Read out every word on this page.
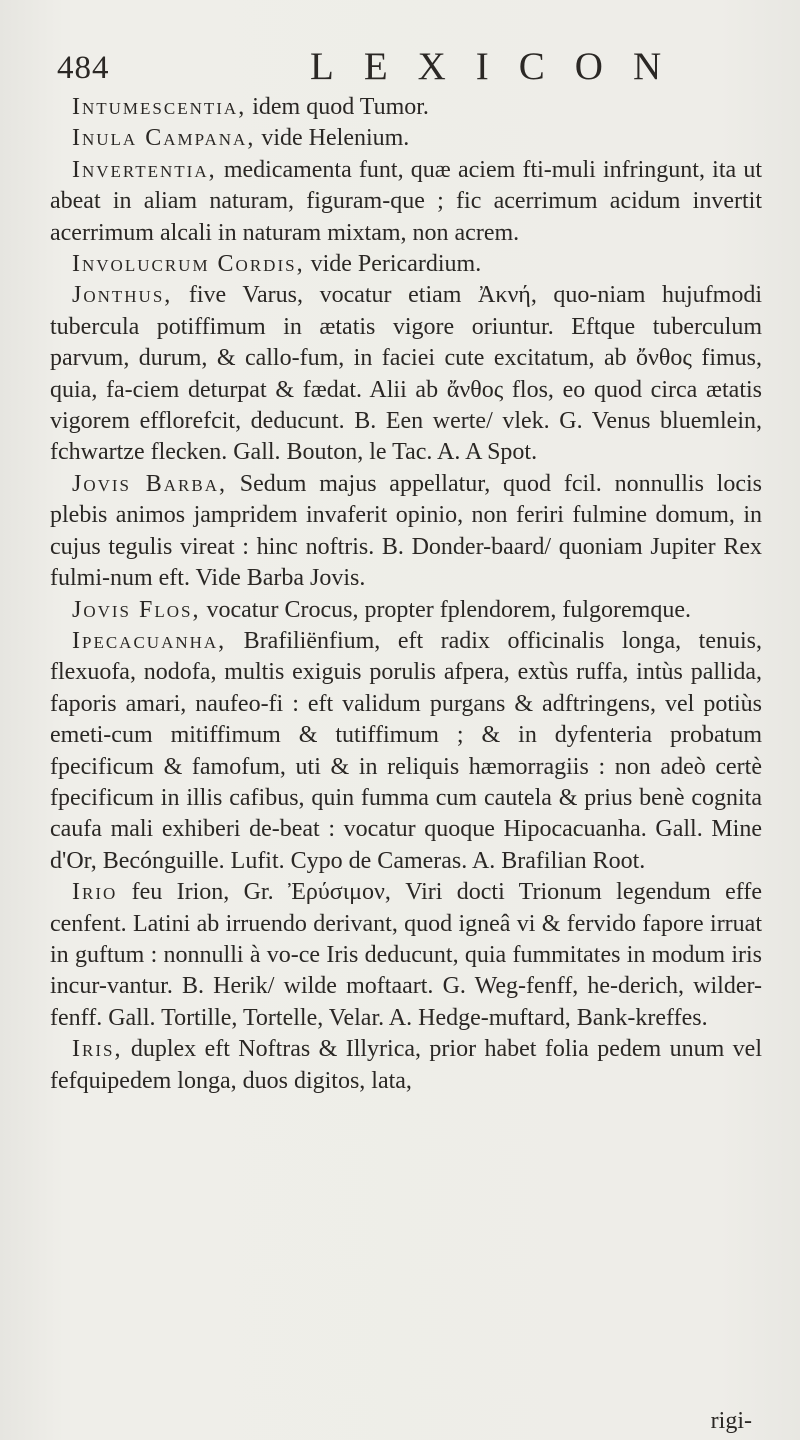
484	LEXICON

Intumescentia, idem quod Tumor.

Inula Campana, vide Helenium.

Invertentia, medicamenta funt, quæ aciem fti-muli infringunt, ita ut abeat in aliam naturam, figuram-que ; fic acerrimum acidum invertit acerrimum alcali in naturam mixtam, non acrem.

Involucrum Cordis, vide Pericardium.

Jonthus, five Varus, vocatur etiam Ἀκνή, quo-niam hujufmodi tubercula potiffimum in ætatis vigore oriuntur. Eftque tuberculum parvum, durum, & callo-fum, in faciei cute excitatum, ab ὄνθος fimus, quia, fa-ciem deturpat & fædat. Alii ab ἄνθος flos, eo quod circa ætatis vigorem efflorefcit, deducunt. B. Een werte/ vlek. G. Venus bluemlein, fchwartze flecken. Gall. Bouton, le Tac. A. A Spot.

Jovis Barba, Sedum majus appellatur, quod fcil. nonnullis locis plebis animos jampridem invaferit opinio, non feriri fulmine domum, in cujus tegulis vireat : hinc noftris. B. Donder-baard/ quoniam Jupiter Rex fulmi-num eft. Vide Barba Jovis.

Jovis Flos, vocatur Crocus, propter fplendorem, fulgoremque.

Ipecacuanha, Brafiliënfium, eft radix officinalis longa, tenuis, flexuofa, nodofa, multis exiguis porulis afpera, extùs ruffa, intùs pallida, faporis amari, naufeo-fi : eft validum purgans & adftringens, vel potiùs emeti-cum mitiffimum & tutiffimum ; & in dyfenteria probatum fpecificum & famofum, uti & in reliquis hæmorragiis : non adeò certè fpecificum in illis cafibus, quin fumma cum cautela & prius benè cognita caufa mali exhiberi de-beat : vocatur quoque Hipocacuanha. Gall. Mine d'Or, Becónguille. Lufit. Cypo de Cameras. A. Brafilian Root.

Irio feu Irion, Gr. Ἐρύσιμον, Viri docti Trionum legendum effe cenfent. Latini ab irruendo derivant, quod igneâ vi & fervido fapore irruat in guftum : nonnulli à vo-ce Iris deducunt, quia fummitates in modum iris incur-vantur. B. Herik/ wilde moftaart. G. Weg-fenff, he-derich, wilder-fenff. Gall. Tortille, Tortelle, Velar. A. Hedge-muftard, Bank-kreffes.

Iris, duplex eft Noftras & Illyrica, prior habet folia pedem unum vel fefquipedem longa, duos digitos, lata,

rigi-
